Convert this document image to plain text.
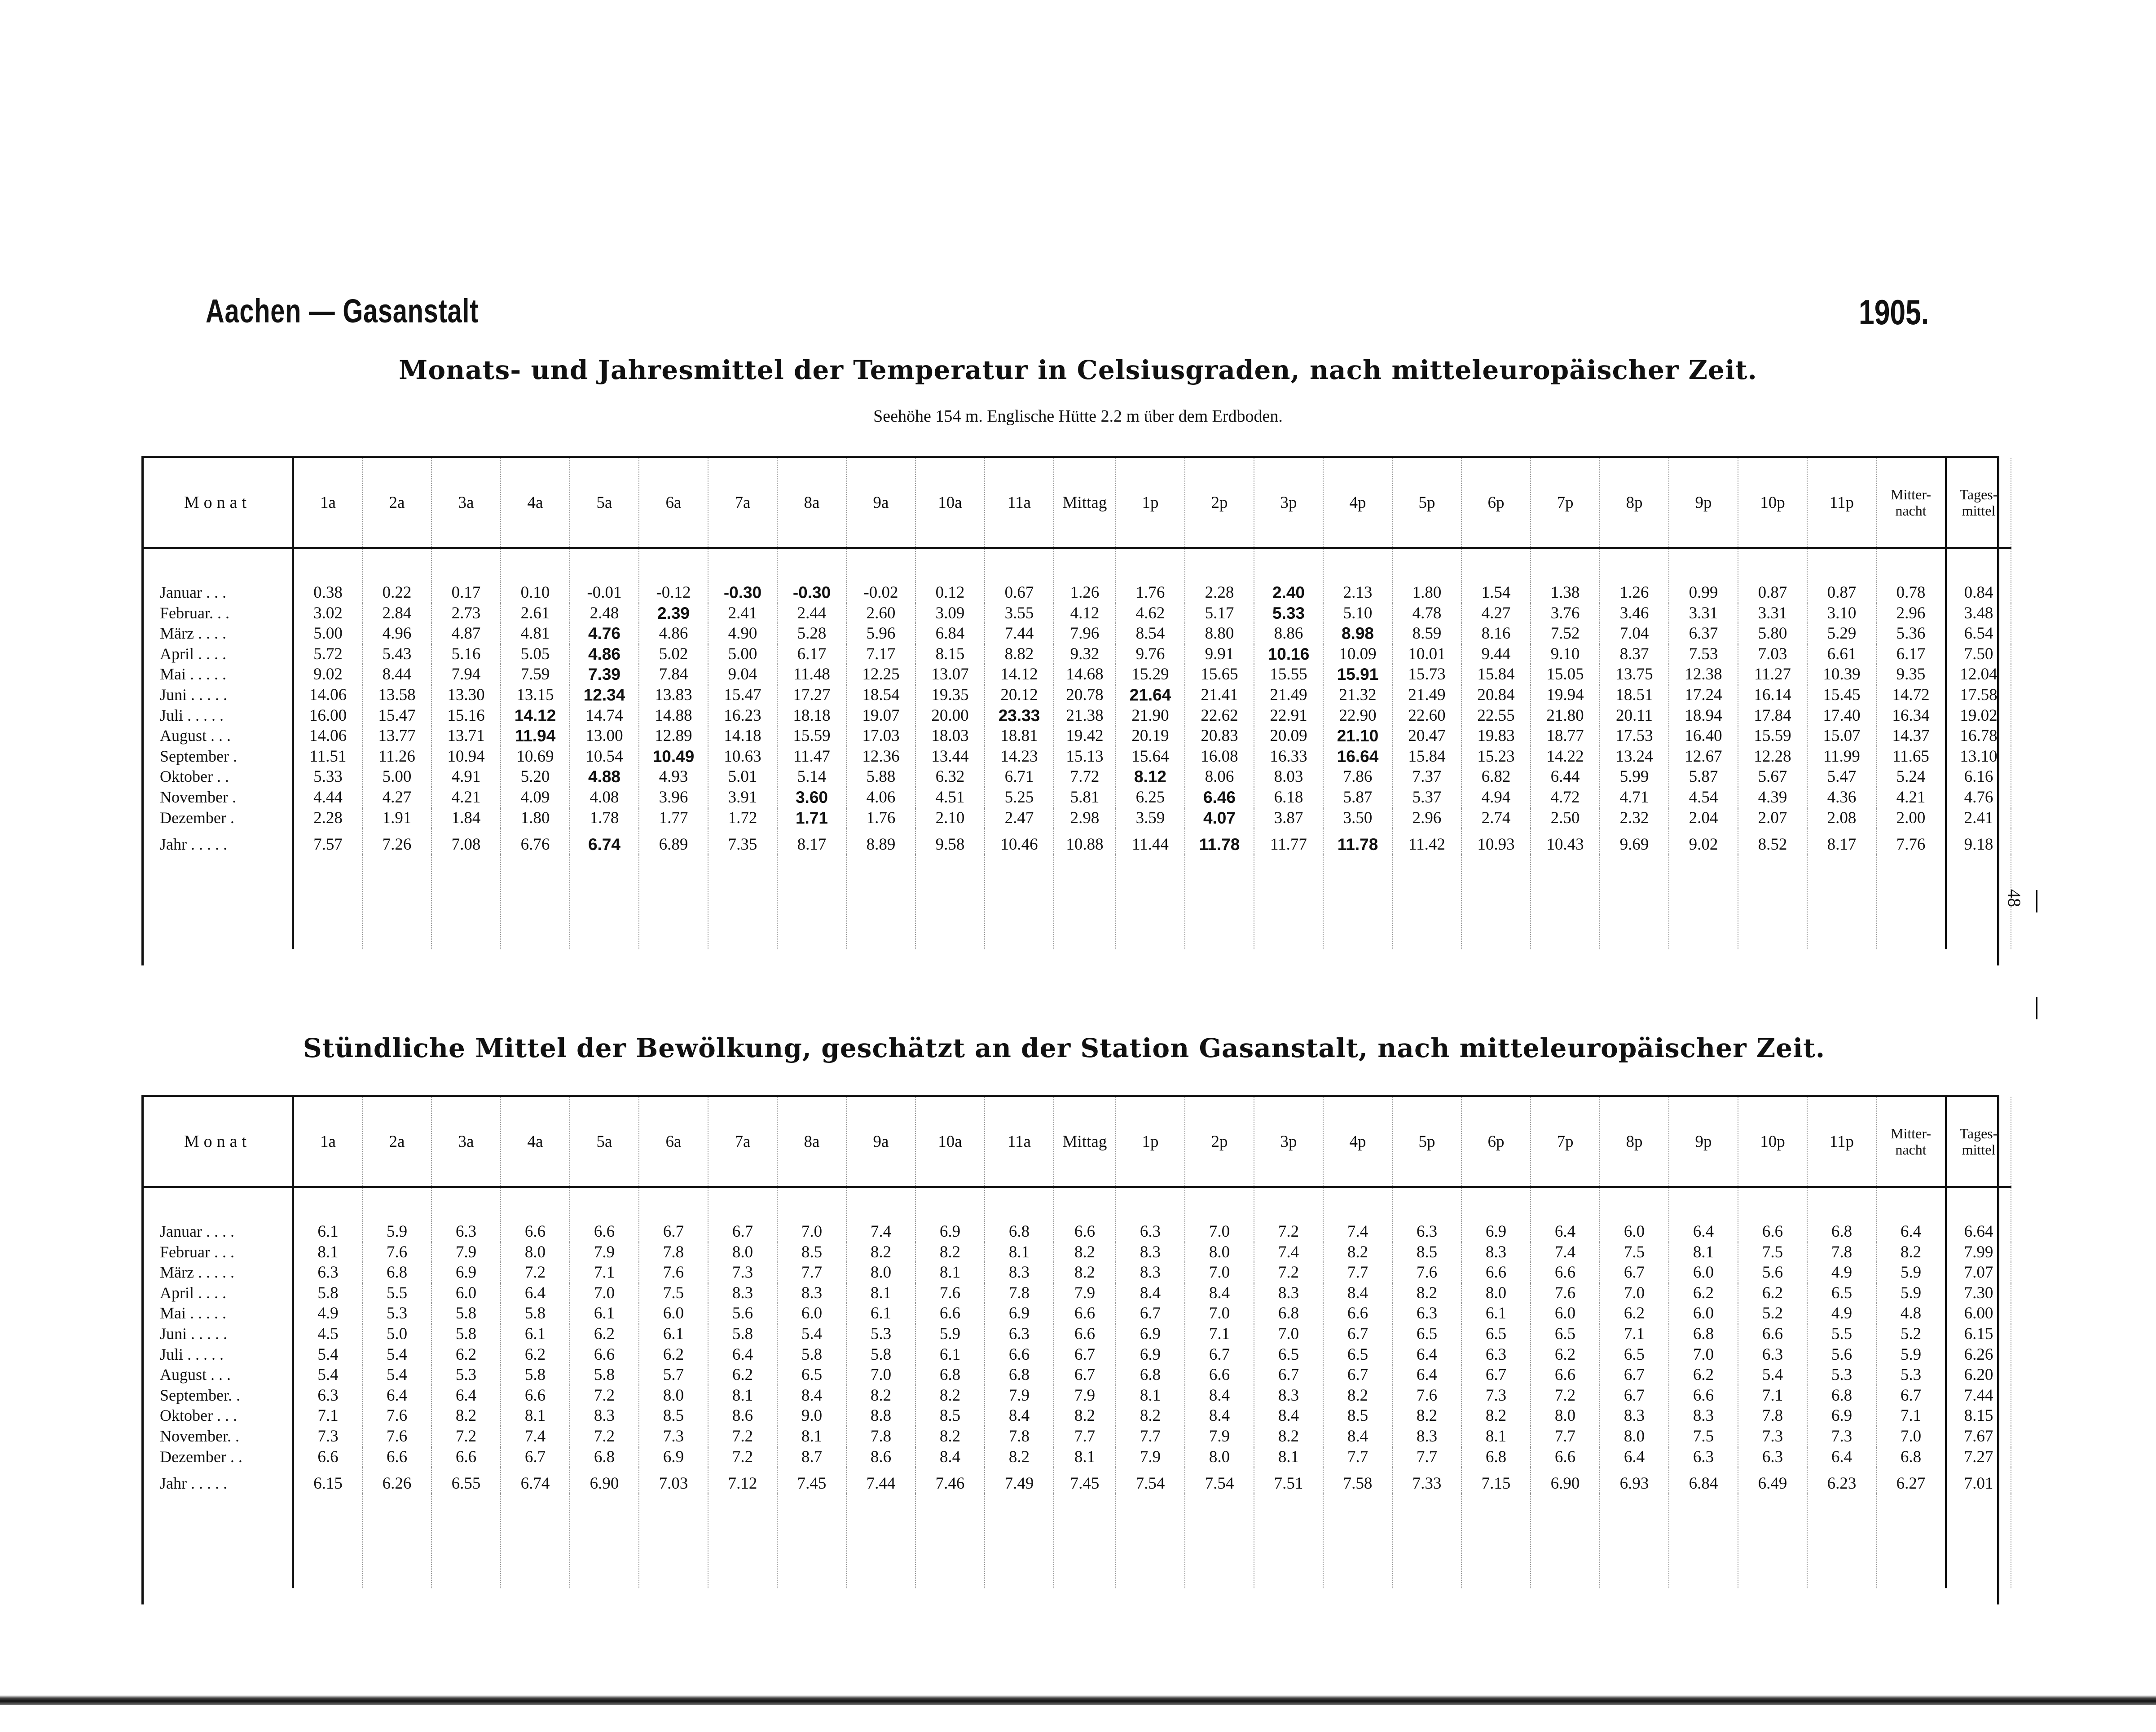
Aachen — Gasanstalt	1905.
Monats- und Jahresmittel der Temperatur in Celsiusgraden, nach mitteleuropäischer Zeit.
Seehöhe 154 m. Englische Hütte 2.2 m über dem Erdboden.
Monat	1a	2a	3a	4a	5a	6a	7a	8a	9a	10a	11a	Mittag	1p	2p	3p	4p	5p	6p	7p	8p	9p	10p	11p	Mitter-
nacht	Tages-
mittel

Januar . . .	0.38	0.22	0.17	0.10	-0.01	-0.12	-0.30	-0.30	-0.02	0.12	0.67	1.26	1.76	2.28	2.40	2.13	1.80	1.54	1.38	1.26	0.99	0.87	0.87	0.78	0.84
Februar. . .	3.02	2.84	2.73	2.61	2.48	2.39	2.41	2.44	2.60	3.09	3.55	4.12	4.62	5.17	5.33	5.10	4.78	4.27	3.76	3.46	3.31	3.31	3.10	2.96	3.48
März . . . .	5.00	4.96	4.87	4.81	4.76	4.86	4.90	5.28	5.96	6.84	7.44	7.96	8.54	8.80	8.86	8.98	8.59	8.16	7.52	7.04	6.37	5.80	5.29	5.36	6.54
April . . . .	5.72	5.43	5.16	5.05	4.86	5.02	5.00	6.17	7.17	8.15	8.82	9.32	9.76	9.91	10.16	10.09	10.01	9.44	9.10	8.37	7.53	7.03	6.61	6.17	7.50
Mai . . . . .	9.02	8.44	7.94	7.59	7.39	7.84	9.04	11.48	12.25	13.07	14.12	14.68	15.29	15.65	15.55	15.91	15.73	15.84	15.05	13.75	12.38	11.27	10.39	9.35	12.04
Juni . . . . .	14.06	13.58	13.30	13.15	12.34	13.83	15.47	17.27	18.54	19.35	20.12	20.78	21.64	21.41	21.49	21.32	21.49	20.84	19.94	18.51	17.24	16.14	15.45	14.72	17.58
Juli . . . . .	16.00	15.47	15.16	14.12	14.74	14.88	16.23	18.18	19.07	20.00	23.33	21.38	21.90	22.62	22.91	22.90	22.60	22.55	21.80	20.11	18.94	17.84	17.40	16.34	19.02
August . . .	14.06	13.77	13.71	11.94	13.00	12.89	14.18	15.59	17.03	18.03	18.81	19.42	20.19	20.83	20.09	21.10	20.47	19.83	18.77	17.53	16.40	15.59	15.07	14.37	16.78
September .	11.51	11.26	10.94	10.69	10.54	10.49	10.63	11.47	12.36	13.44	14.23	15.13	15.64	16.08	16.33	16.64	15.84	15.23	14.22	13.24	12.67	12.28	11.99	11.65	13.10
Oktober . .	5.33	5.00	4.91	5.20	4.88	4.93	5.01	5.14	5.88	6.32	6.71	7.72	8.12	8.06	8.03	7.86	7.37	6.82	6.44	5.99	5.87	5.67	5.47	5.24	6.16
November .	4.44	4.27	4.21	4.09	4.08	3.96	3.91	3.60	4.06	4.51	5.25	5.81	6.25	6.46	6.18	5.87	5.37	4.94	4.72	4.71	4.54	4.39	4.36	4.21	4.76
Dezember .	2.28	1.91	1.84	1.80	1.78	1.77	1.72	1.71	1.76	2.10	2.47	2.98	3.59	4.07	3.87	3.50	2.96	2.74	2.50	2.32	2.04	2.07	2.08	2.00	2.41
Jahr . . . . .	7.57	7.26	7.08	6.76	6.74	6.89	7.35	8.17	8.89	9.58	10.46	10.88	11.44	11.78	11.77	11.78	11.42	10.93	10.43	9.69	9.02	8.52	8.17	7.76	9.18

48
Stündliche Mittel der Bewölkung, geschätzt an der Station Gasanstalt, nach mitteleuropäischer Zeit.
Monat	1a	2a	3a	4a	5a	6a	7a	8a	9a	10a	11a	Mittag	1p	2p	3p	4p	5p	6p	7p	8p	9p	10p	11p	Mitter-
nacht	Tages-
mittel

Januar . . . .	6.1	5.9	6.3	6.6	6.6	6.7	6.7	7.0	7.4	6.9	6.8	6.6	6.3	7.0	7.2	7.4	6.3	6.9	6.4	6.0	6.4	6.6	6.8	6.4	6.64
Februar . . .	8.1	7.6	7.9	8.0	7.9	7.8	8.0	8.5	8.2	8.2	8.1	8.2	8.3	8.0	7.4	8.2	8.5	8.3	7.4	7.5	8.1	7.5	7.8	8.2	7.99
März . . . . .	6.3	6.8	6.9	7.2	7.1	7.6	7.3	7.7	8.0	8.1	8.3	8.2	8.3	7.0	7.2	7.7	7.6	6.6	6.6	6.7	6.0	5.6	4.9	5.9	7.07
April . . . .	5.8	5.5	6.0	6.4	7.0	7.5	8.3	8.3	8.1	7.6	7.8	7.9	8.4	8.4	8.3	8.4	8.2	8.0	7.6	7.0	6.2	6.2	6.5	5.9	7.30
Mai . . . . .	4.9	5.3	5.8	5.8	6.1	6.0	5.6	6.0	6.1	6.6	6.9	6.6	6.7	7.0	6.8	6.6	6.3	6.1	6.0	6.2	6.0	5.2	4.9	4.8	6.00
Juni . . . . .	4.5	5.0	5.8	6.1	6.2	6.1	5.8	5.4	5.3	5.9	6.3	6.6	6.9	7.1	7.0	6.7	6.5	6.5	6.5	7.1	6.8	6.6	5.5	5.2	6.15
Juli . . . . .	5.4	5.4	6.2	6.2	6.6	6.2	6.4	5.8	5.8	6.1	6.6	6.7	6.9	6.7	6.5	6.5	6.4	6.3	6.2	6.5	7.0	6.3	5.6	5.9	6.26
August . . .	5.4	5.4	5.3	5.8	5.8	5.7	6.2	6.5	7.0	6.8	6.8	6.7	6.8	6.6	6.7	6.7	6.4	6.7	6.6	6.7	6.2	5.4	5.3	5.3	6.20
September. .	6.3	6.4	6.4	6.6	7.2	8.0	8.1	8.4	8.2	8.2	7.9	7.9	8.1	8.4	8.3	8.2	7.6	7.3	7.2	6.7	6.6	7.1	6.8	6.7	7.44
Oktober . . .	7.1	7.6	8.2	8.1	8.3	8.5	8.6	9.0	8.8	8.5	8.4	8.2	8.2	8.4	8.4	8.5	8.2	8.2	8.0	8.3	8.3	7.8	6.9	7.1	8.15
November. .	7.3	7.6	7.2	7.4	7.2	7.3	7.2	8.1	7.8	8.2	7.8	7.7	7.7	7.9	8.2	8.4	8.3	8.1	7.7	8.0	7.5	7.3	7.3	7.0	7.67
Dezember . .	6.6	6.6	6.6	6.7	6.8	6.9	7.2	8.7	8.6	8.4	8.2	8.1	7.9	8.0	8.1	7.7	7.7	6.8	6.6	6.4	6.3	6.3	6.4	6.8	7.27
Jahr . . . . .	6.15	6.26	6.55	6.74	6.90	7.03	7.12	7.45	7.44	7.46	7.49	7.45	7.54	7.54	7.51	7.58	7.33	7.15	6.90	6.93	6.84	6.49	6.23	6.27	7.01
